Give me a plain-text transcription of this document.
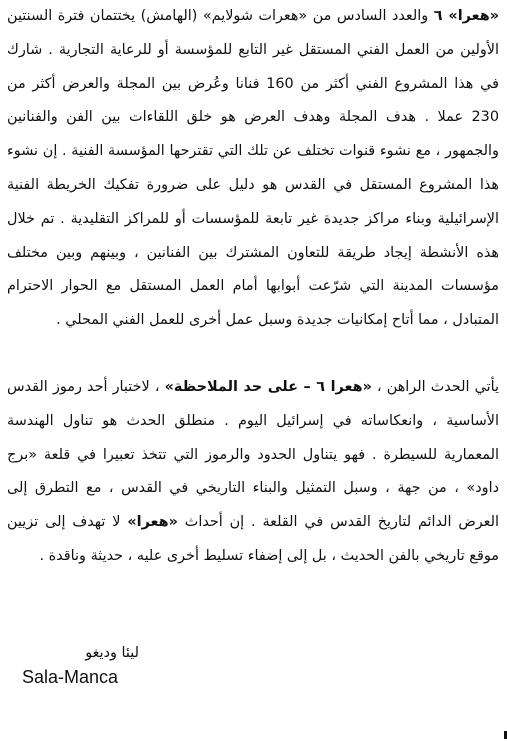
«هعرا» ٦ والعدد السادس من «هعرات شولايم» (الهامش) يختتمان فترة السنتين الأولين من العمل الفني المستقل غير التابع للمؤسسة أو للرعاية التجارية . شارك في هذا المشروع الفني أكثر من 160 فنانا وعُرض بين المجلة والعرض أكثر من 230 عملا . هدف المجلة وهدف العرض هو خلق اللقاءات بين الفن والفنانين والجمهور ، مع نشوء قنوات تختلف عن تلك التي تقترحها المؤسسة الفنية . إن نشوء هذا المشروع المستقل في القدس هو دليل على ضرورة تفكيك الخريطة الفنية الإسرائيلية وبناء مراكز جديدة غير تابعة للمؤسسات أو للمراكز التقليدية . تم خلال هذه الأنشطة إيجاد طريقة للتعاون المشترك بين الفنانين ، وبينهم وبين مختلف مؤسسات المدينة التي شرّعت أبوابها أمام العمل المستقل مع الحوار الاحترام المتبادل ، مما أتاح إمكانيات جديدة وسبل عمل أخرى للعمل الفني المحلي .

يأتي الحدث الراهن ، «هعرا ٦ – على حد الملاحظة» ، لاختبار أحد رموز القدس الأساسية ، وانعكاساته في إسرائيل اليوم . منطلق الحدث هو تناول الهندسة المعمارية للسيطرة . فهو يتناول الحدود والرموز التي تتخذ تعبيرا في قلعة «برج داود» ، من جهة ، وسبل التمثيل والبناء التاريخي في القدس ، مع التطرق إلى العرض الدائم لتاريخ القدس في القلعة . إن أحداث «هعرا» لا تهدف إلى تزيين موقع تاريخي بالفن الحديث ، بل إلى إضفاء تسليط أخرى عليه ، حديثة وناقدة .

ليئا وديغو
Sala-Manca
